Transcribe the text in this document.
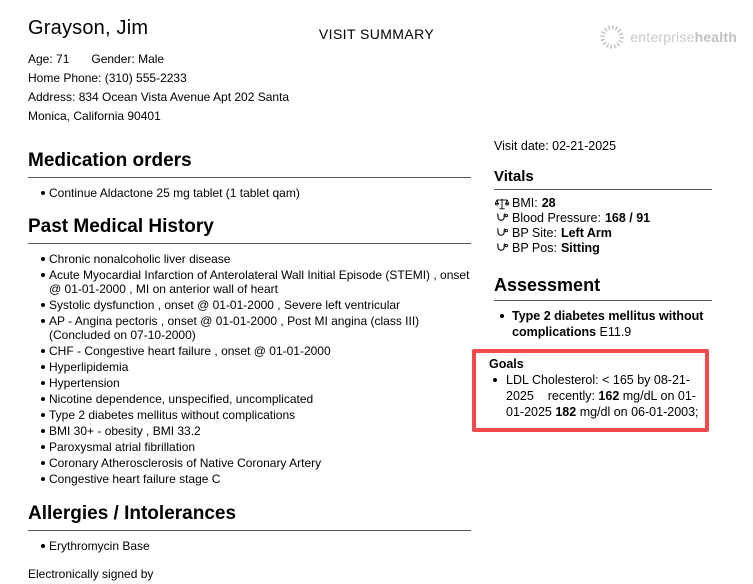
Grayson, Jim
Age: 71 Gender: Male
Home Phone: (310) 555-2233
Address: 834 Ocean Vista Avenue Apt 202 Santa Monica, California 90401
VISIT SUMMARY	enterprisehealth
Medication orders
Continue Aldactone 25 mg tablet (1 tablet qam)
Past Medical History
Chronic nonalcoholic liver disease
Acute Myocardial Infarction of Anterolateral Wall Initial Episode (STEMI) , onset @ 01-01-2000 , MI on anterior wall of heart
Systolic dysfunction , onset @ 01-01-2000 , Severe left ventricular
AP - Angina pectoris , onset @ 01-01-2000 , Post MI angina (class III) (Concluded on 07-10-2000)
CHF - Congestive heart failure , onset @ 01-01-2000
Hyperlipidemia
Hypertension
Nicotine dependence, unspecified, uncomplicated
Type 2 diabetes mellitus without complications
BMI 30+ - obesity , BMI 33.2
Paroxysmal atrial fibrillation
Coronary Atherosclerosis of Native Coronary Artery
Congestive heart failure stage C
Allergies / Intolerances
Erythromycin Base
Electronically signed by
Visit date: 02-21-2025
Vitals
BMI: 28
Blood Pressure: 168 / 91
BP Site: Left Arm
BP Pos: Sitting
Assessment
Type 2 diabetes mellitus without complications E11.9
Goals
LDL Cholesterol: < 165 by 08-21-2025    recently: 162 mg/dL on 01-01-2025 182 mg/dl on 06-01-2003;
